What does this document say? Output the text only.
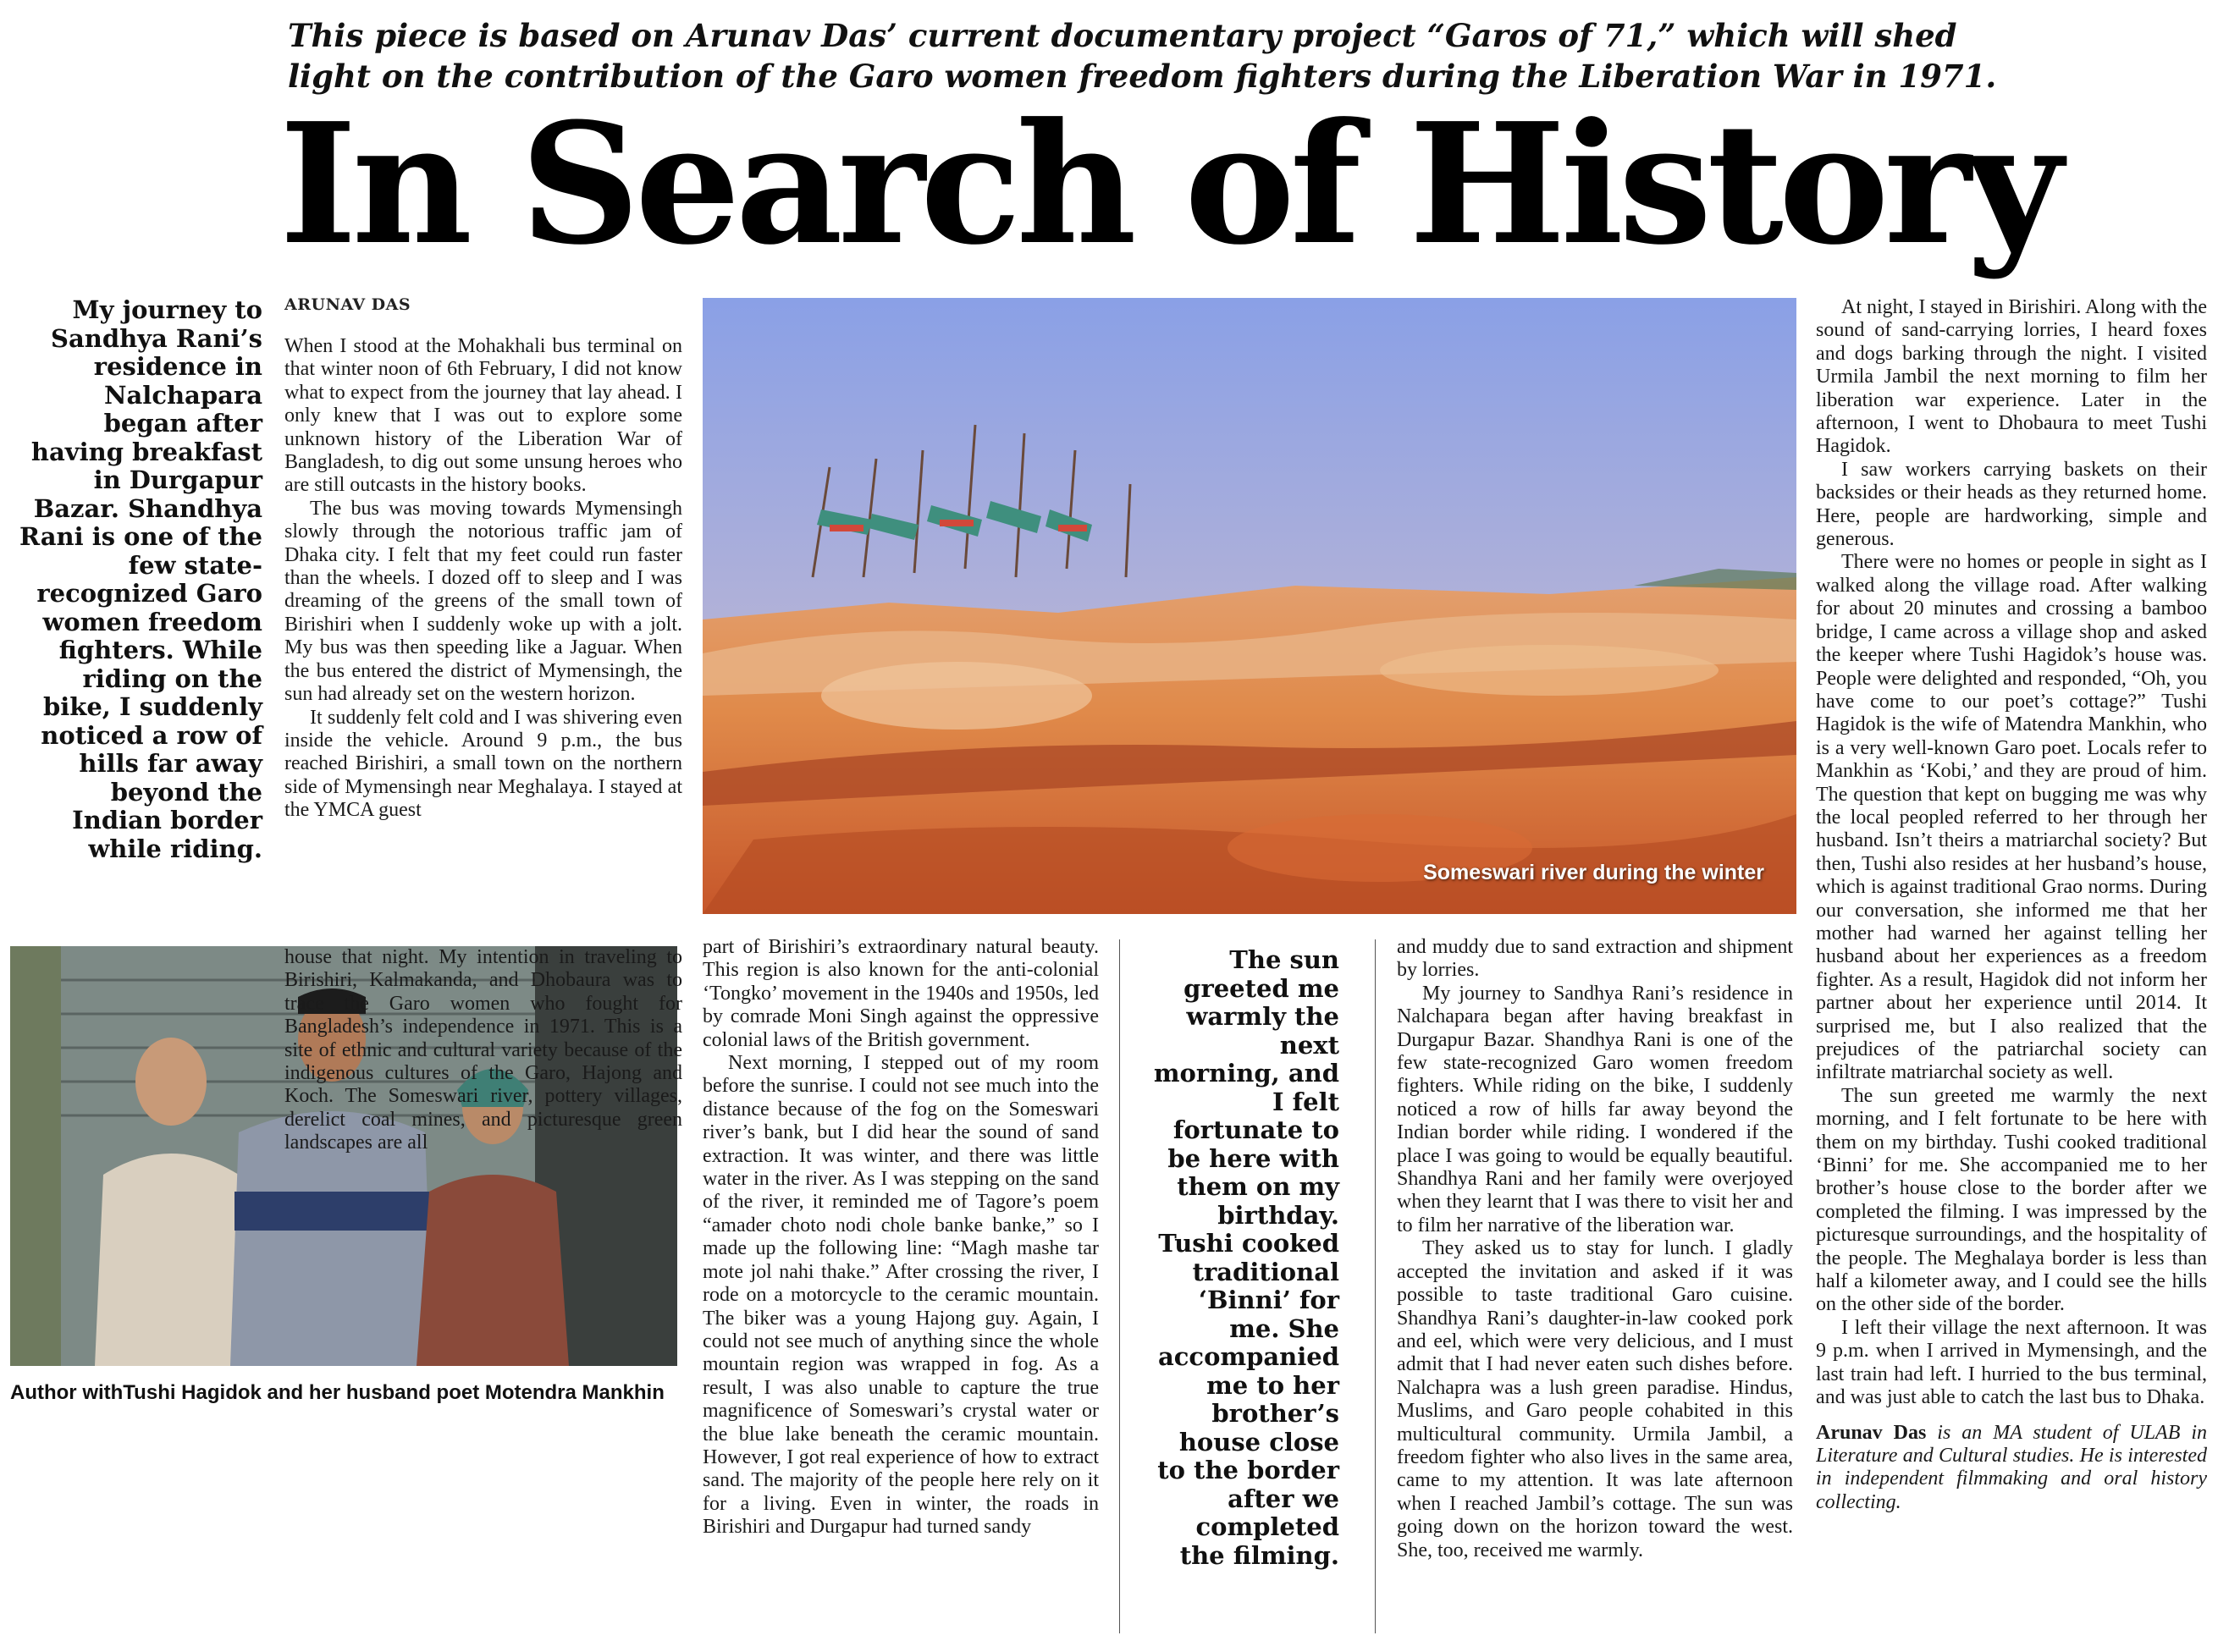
This piece is based on Arunav Das’ current documentary project “Garos of 71,” which will shed light on the contribution of the Garo women freedom fighters during the Liberation War in 1971.
In Search of History
My journey to Sandhya Rani’s residence in Nalchapara began after having breakfast in Durgapur Bazar. Shandhya Rani is one of the few state-recognized Garo women freedom fighters. While riding on the bike, I suddenly noticed a row of hills far away beyond the Indian border while riding.
ARUNAV DAS

When I stood at the Mohakhali bus terminal on that winter noon of 6th February, I did not know what to expect from the journey that lay ahead. I only knew that I was out to explore some unknown history of the Liberation War of Bangladesh, to dig out some unsung heroes who are still outcasts in the history books.

The bus was moving towards Mymensingh slowly through the notorious traffic jam of Dhaka city. I felt that my feet could run faster than the wheels. I dozed off to sleep and I was dreaming of the greens of the small town of Birishiri when I suddenly woke up with a jolt. My bus was then speeding like a Jaguar. When the bus entered the district of Mymensingh, the sun had already set on the western horizon.

It suddenly felt cold and I was shivering even inside the vehicle. Around 9 p.m., the bus reached Birishiri, a small town on the northern side of Mymensingh near Meghalaya. I stayed at the YMCA guest

Someswari river during the winter
Author withTushi Hagidok and her husband poet Motendra Mankhin

house that night. My intention in traveling to Birishiri, Kalmakanda, and Dhobaura was to trace the Garo women who fought for Bangladesh’s independence in 1971. This is a site of ethnic and cultural variety because of the indigenous cultures of the Garo, Hajong and Koch. The Someswari river, pottery villages, derelict coal mines, and picturesque green landscapes are all

part of Birishiri’s extraordinary natural beauty. This region is also known for the anti-colonial ‘Tongko’ movement in the 1940s and 1950s, led by comrade Moni Singh against the oppressive colonial laws of the British government.

Next morning, I stepped out of my room before the sunrise. I could not see much into the distance because of the fog on the Someswari river’s bank, but I did hear the sound of sand extraction. It was winter, and there was little water in the river. As I was stepping on the sand of the river, it reminded me of Tagore’s poem “amader choto nodi chole banke banke,” so I made up the following line: “Magh mashe tar mote jol nahi thake.” After crossing the river, I rode on a motorcycle to the ceramic mountain. The biker was a young Hajong guy. Again, I could not see much of anything since the whole mountain region was wrapped in fog. As a result, I was also unable to capture the true magnificence of Someswari’s crystal water or the blue lake beneath the ceramic mountain. However, I got real experience of how to extract sand. The majority of the people here rely on it for a living. Even in winter, the roads in Birishiri and Durgapur had turned sandy

The sun greeted me warmly the next morning, and I felt fortunate to be here with them on my birthday. Tushi cooked traditional ‘Binni’ for me. She accompanied me to her brother’s house close to the border after we completed the filming.

and muddy due to sand extraction and shipment by lorries.

My journey to Sandhya Rani’s residence in Nalchapara began after having breakfast in Durgapur Bazar. Shandhya Rani is one of the few state-recognized Garo women freedom fighters. While riding on the bike, I suddenly noticed a row of hills far away beyond the Indian border while riding. I wondered if the place I was going to would be equally beautiful. Shandhya Rani and her family were overjoyed when they learnt that I was there to visit her and to film her narrative of the liberation war.

They asked us to stay for lunch. I gladly accepted the invitation and asked if it was possible to taste traditional Garo cuisine. Shandhya Rani’s daughter-in-law cooked pork and eel, which were very delicious, and I must admit that I had never eaten such dishes before. Nalchapra was a lush green paradise. Hindus, Muslims, and Garo people cohabited in this multicultural community. Urmila Jambil, a freedom fighter who also lives in the same area, came to my attention. It was late afternoon when I reached Jambil’s cottage. The sun was going down on the horizon toward the west. She, too, received me warmly.

At night, I stayed in Birishiri. Along with the sound of sand-carrying lorries, I heard foxes and dogs barking through the night. I visited Urmila Jambil the next morning to film her liberation war experience. Later in the afternoon, I went to Dhobaura to meet Tushi Hagidok.

I saw workers carrying baskets on their backsides or their heads as they returned home. Here, people are hardworking, simple and generous.

There were no homes or people in sight as I walked along the village road. After walking for about 20 minutes and crossing a bamboo bridge, I came across a village shop and asked the keeper where Tushi Hagidok’s house was. People were delighted and responded, “Oh, you have come to our poet’s cottage?” Tushi Hagidok is the wife of Matendra Mankhin, who is a very well-known Garo poet. Locals refer to Mankhin as ‘Kobi,’ and they are proud of him. The question that kept on bugging me was why the local peopled referred to her through her husband. Isn’t theirs a matriarchal society? But then, Tushi also resides at her husband’s house, which is against traditional Grao norms. During our conversation, she informed me that her mother had warned her against telling her husband about her experiences as a freedom fighter. As a result, Hagidok did not inform her partner about her experience until 2014. It surprised me, but I also realized that the prejudices of the patriarchal society can infiltrate matriarchal society as well.

The sun greeted me warmly the next morning, and I felt fortunate to be here with them on my birthday. Tushi cooked traditional ‘Binni’ for me. She accompanied me to her brother’s house close to the border after we completed the filming. I was impressed by the picturesque surroundings, and the hospitality of the people. The Meghalaya border is less than half a kilometer away, and I could see the hills on the other side of the border.

I left their village the next afternoon. It was 9 p.m. when I arrived in Mymensingh, and the last train had left. I hurried to the bus terminal, and was just able to catch the last bus to Dhaka.

Arunav Das is an MA student of ULAB in Literature and Cultural studies. He is interested in independent filmmaking and oral history collecting.
